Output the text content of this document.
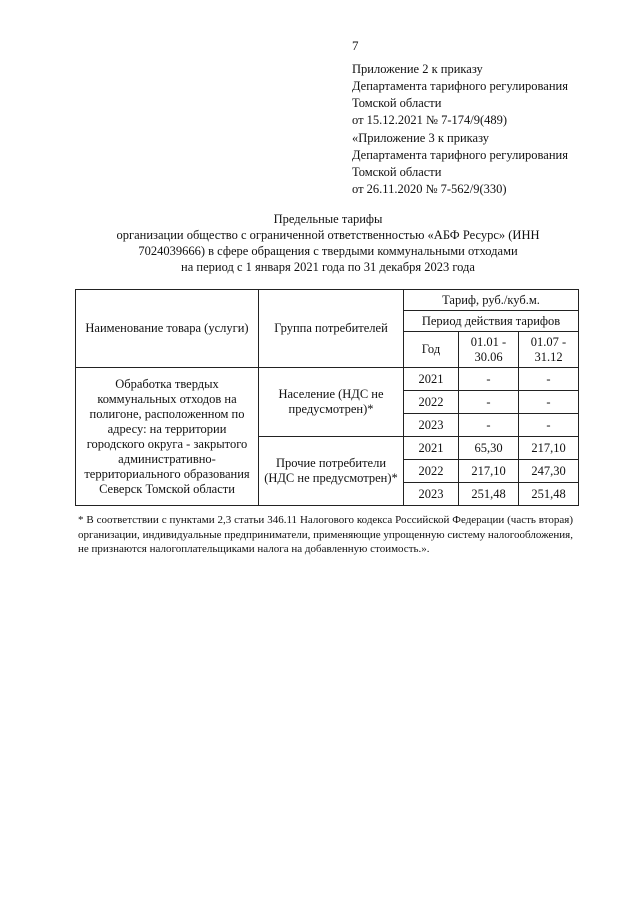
7
Приложение 2 к приказу
Департамента тарифного регулирования
Томской области
от 15.12.2021 № 7-174/9(489)
«Приложение 3 к приказу
Департамента тарифного регулирования
Томской области
от 26.11.2020 № 7-562/9(330)
Предельные тарифы
организации общество с ограниченной ответственностью «АБФ Ресурс» (ИНН
7024039666) в сфере обращения с твердыми коммунальными отходами
на период с 1 января 2021 года по 31 декабря 2023 года
Наименование товара (услуги)	Группа потребителей	Тариф, руб./куб.м.		
		Период действия тарифов		
		Год	01.01 - 30.06	01.07 - 31.12
Обработка твердых коммунальных отходов на полигоне, расположенном по адресу: на территории городского округа - закрытого административно-территориального образования Северск Томской области	Население (НДС не предусмотрен)*	2021	-	-
		2022	-	-
		2023	-	-
	Прочие потребители (НДС не предусмотрен)*	2021	65,30	217,10
		2022	217,10	247,30
		2023	251,48	251,48
* В соответствии с пунктами 2,3 статьи 346.11 Налогового кодекса Российской Федерации (часть вторая) организации, индивидуальные предприниматели, применяющие упрощенную систему налогообложения, не признаются налогоплательщиками налога на добавленную стоимость.».
